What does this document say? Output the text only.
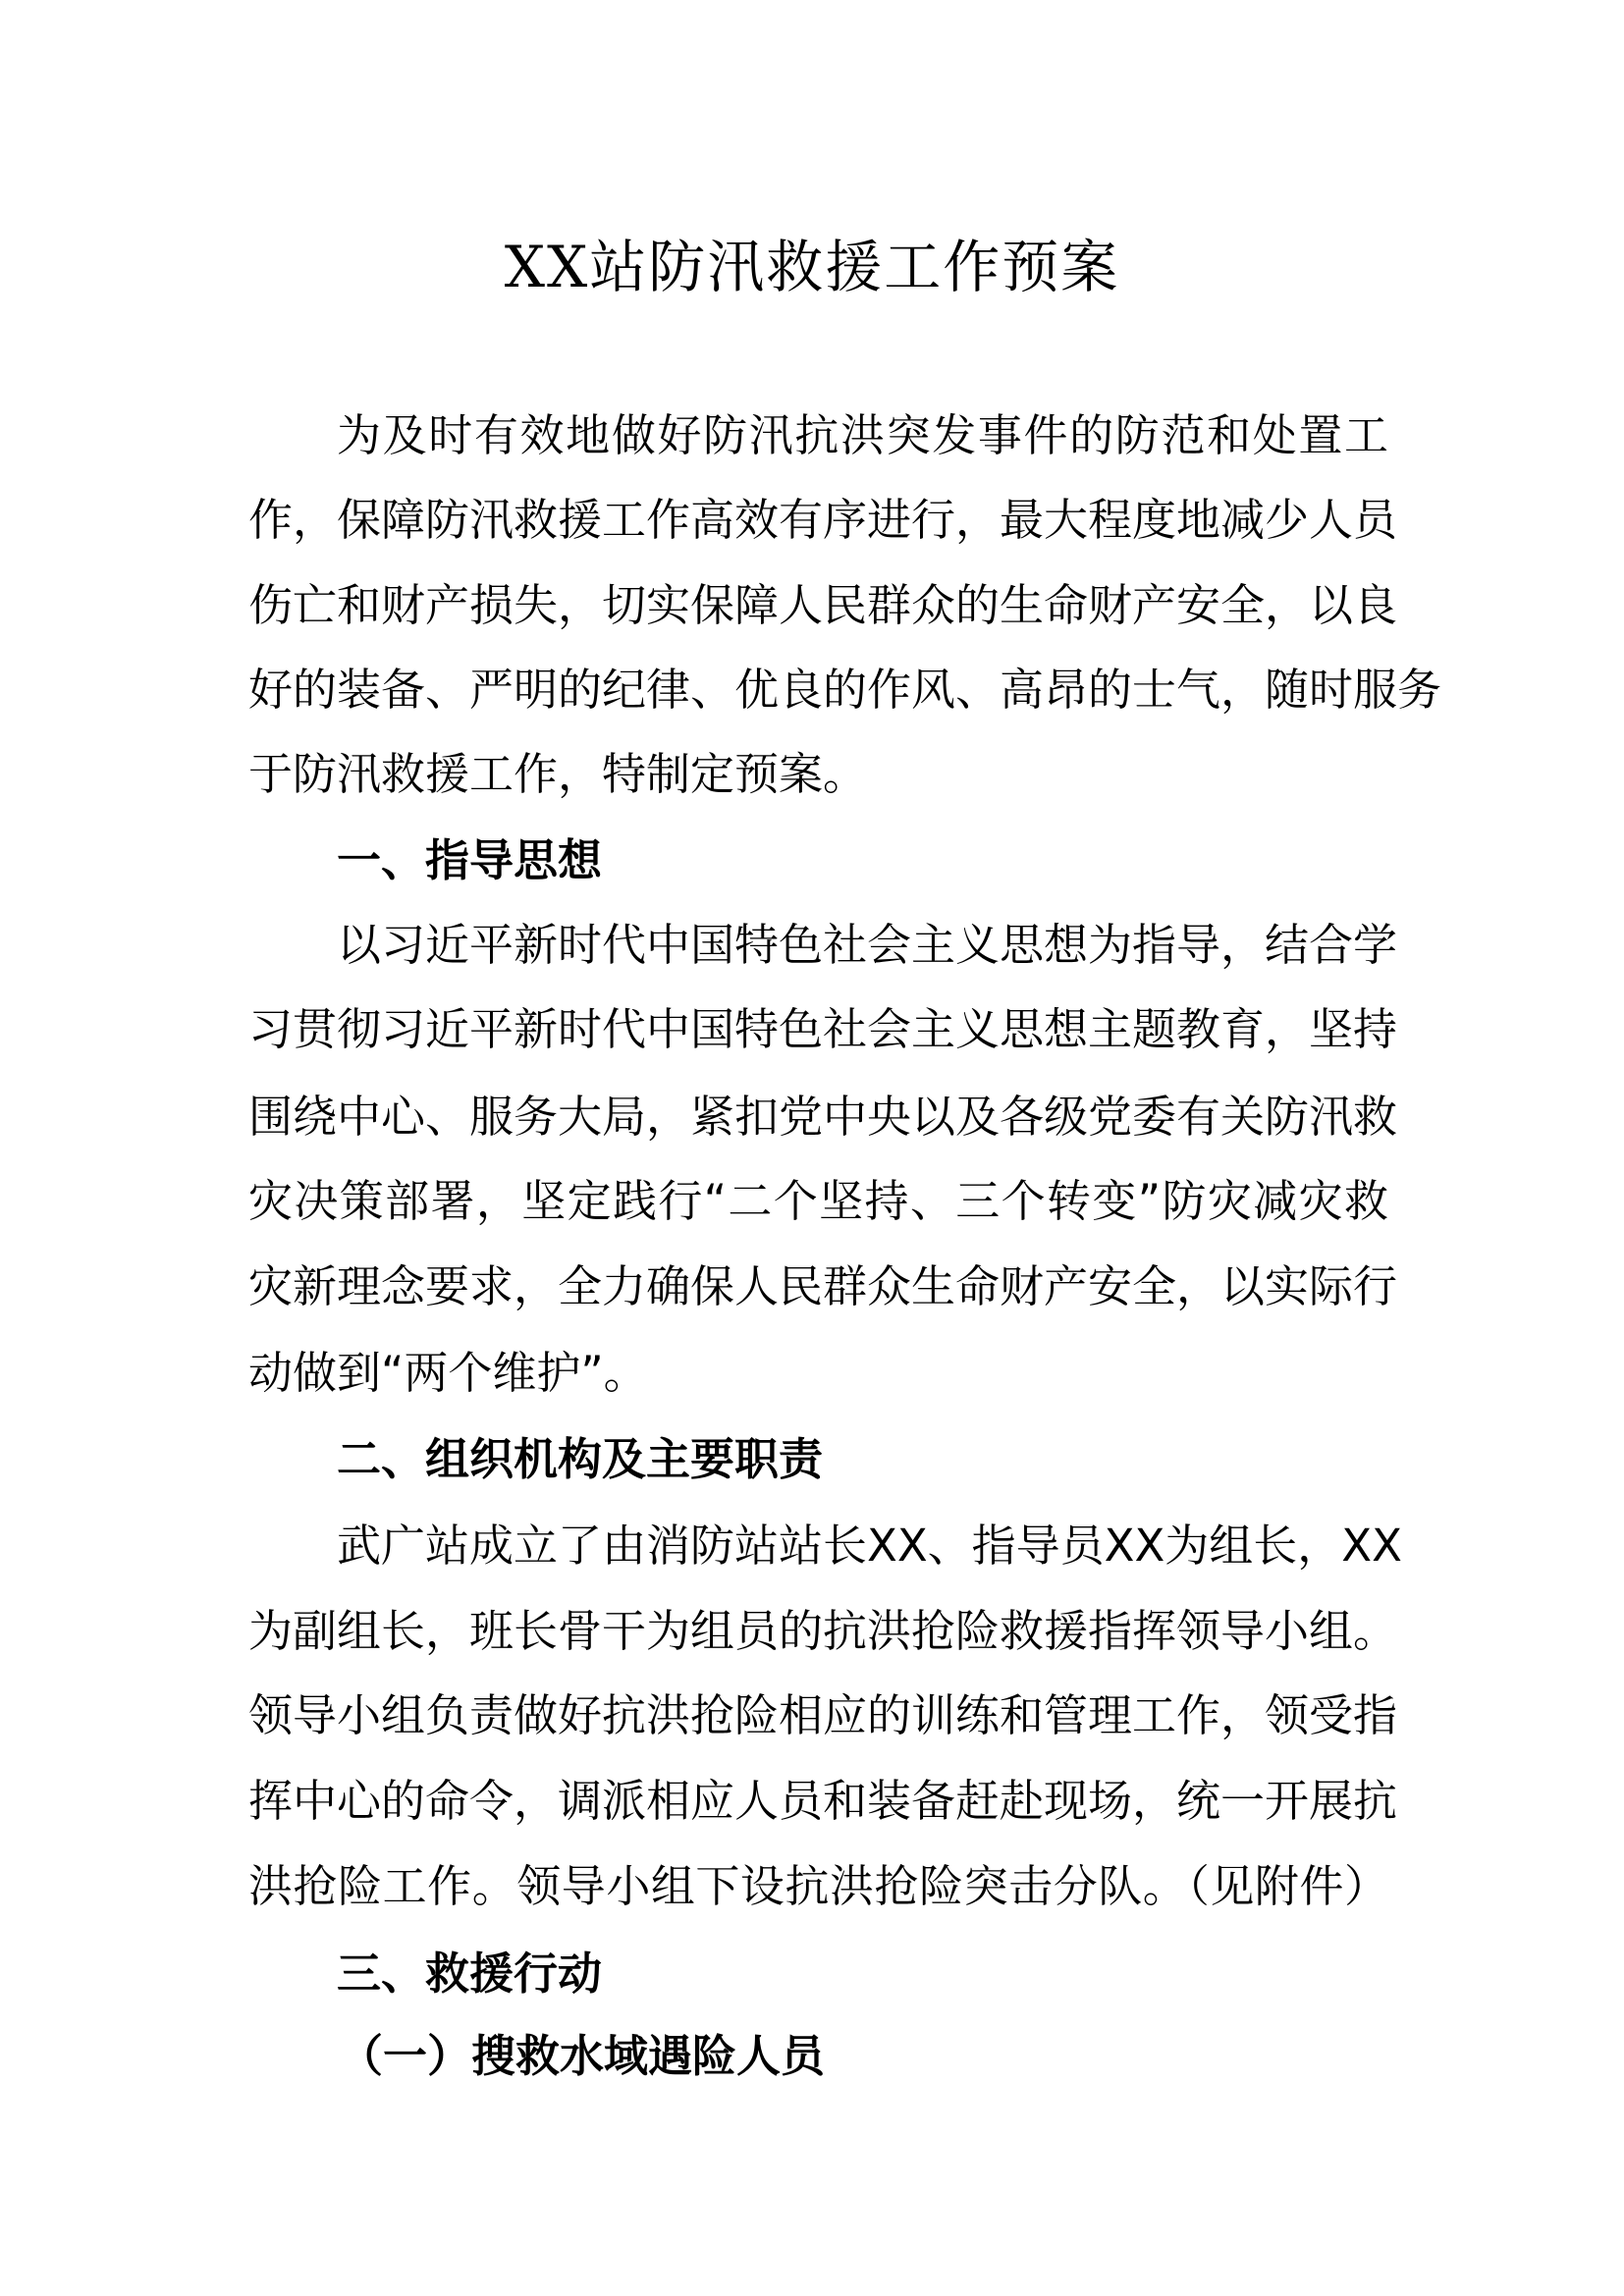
XX站防汛救援工作预案
为及时有效地做好防汛抗洪突发事件的防范和处置工
作，保障防汛救援工作高效有序进行，最大程度地减少人员
伤亡和财产损失，切实保障人民群众的生命财产安全，以良
好的装备、严明的纪律、优良的作风、高昂的士气，随时服务
于防汛救援工作，特制定预案。
一、指导思想
以习近平新时代中国特色社会主义思想为指导，结合学
习贯彻习近平新时代中国特色社会主义思想主题教育，坚持
围绕中心、服务大局，紧扣党中央以及各级党委有关防汛救
灾决策部署，坚定践行“二个坚持、三个转变”防灾减灾救
灾新理念要求，全力确保人民群众生命财产安全，以实际行
动做到“两个维护”。
二、组织机构及主要职责
武广站成立了由消防站站长XX、指导员XX为组长，XX
为副组长，班长骨干为组员的抗洪抢险救援指挥领导小组。
领导小组负责做好抗洪抢险相应的训练和管理工作，领受指
挥中心的命令，调派相应人员和装备赶赴现场，统一开展抗
洪抢险工作。领导小组下设抗洪抢险突击分队。（见附件）
三、救援行动
（一）搜救水域遇险人员
